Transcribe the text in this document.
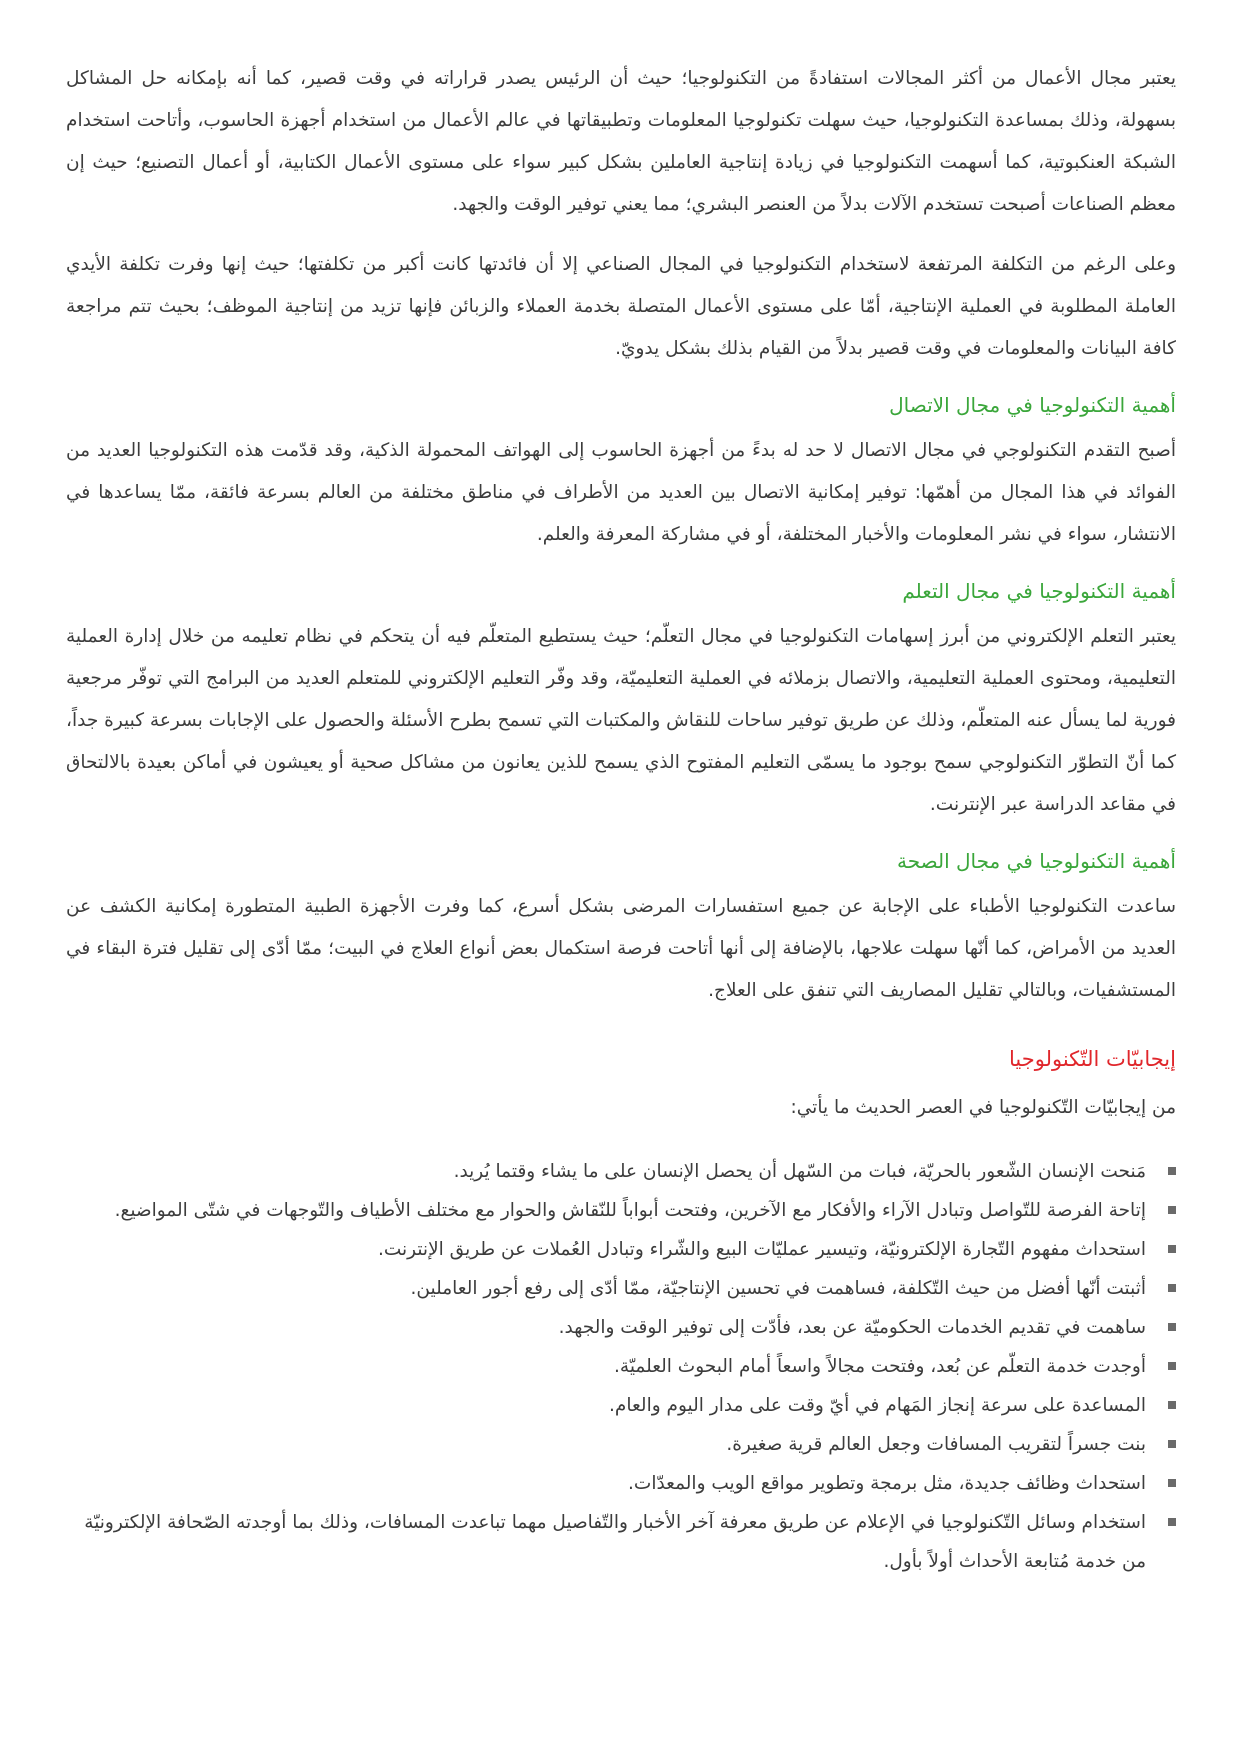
يعتبر مجال الأعمال من أكثر المجالات استفادةً من التكنولوجيا؛ حيث أن الرئيس يصدر قراراته في وقت قصير، كما أنه بإمكانه حل المشاكل بسهولة، وذلك بمساعدة التكنولوجيا، حيث سهلت تكنولوجيا المعلومات وتطبيقاتها في عالم الأعمال من استخدام أجهزة الحاسوب، وأتاحت استخدام الشبكة العنكبوتية، كما أسهمت التكنولوجيا في زيادة إنتاجية العاملين بشكل كبير سواء على مستوى الأعمال الكتابية، أو أعمال التصنيع؛ حيث إن معظم الصناعات أصبحت تستخدم الآلات بدلاً من العنصر البشري؛ مما يعني توفير الوقت والجهد.

وعلى الرغم من التكلفة المرتفعة لاستخدام التكنولوجيا في المجال الصناعي إلا أن فائدتها كانت أكبر من تكلفتها؛ حيث إنها وفرت تكلفة الأيدي العاملة المطلوبة في العملية الإنتاجية، أمّا على مستوى الأعمال المتصلة بخدمة العملاء والزبائن فإنها تزيد من إنتاجية الموظف؛ بحيث تتم مراجعة كافة البيانات والمعلومات في وقت قصير بدلاً من القيام بذلك بشكل يدويّ.

أهمية التكنولوجيا في مجال الاتصال

أصبح التقدم التكنولوجي في مجال الاتصال لا حد له بدءً من أجهزة الحاسوب إلى الهواتف المحمولة الذكية، وقد قدّمت هذه التكنولوجيا العديد من الفوائد في هذا المجال من أهمّها: توفير إمكانية الاتصال بين العديد من الأطراف في مناطق مختلفة من العالم بسرعة فائقة، ممّا يساعدها في الانتشار، سواء في نشر المعلومات والأخبار المختلفة، أو في مشاركة المعرفة والعلم.

أهمية التكنولوجيا في مجال التعلم

يعتبر التعلم الإلكتروني من أبرز إسهامات التكنولوجيا في مجال التعلّم؛ حيث يستطيع المتعلّم فيه أن يتحكم في نظام تعليمه من خلال إدارة العملية التعليمية، ومحتوى العملية التعليمية، والاتصال بزملائه في العملية التعليميّة، وقد وفّر التعليم الإلكتروني للمتعلم العديد من البرامج التي توفّر مرجعية فورية لما يسأل عنه المتعلّم، وذلك عن طريق توفير ساحات للنقاش والمكتبات التي تسمح بطرح الأسئلة والحصول على الإجابات بسرعة كبيرة جداً، كما أنّ التطوّر التكنولوجي سمح بوجود ما يسمّى التعليم المفتوح الذي يسمح للذين يعانون من مشاكل صحية أو يعيشون في أماكن بعيدة بالالتحاق في مقاعد الدراسة عبر الإنترنت.

أهمية التكنولوجيا في مجال الصحة

ساعدت التكنولوجيا الأطباء على الإجابة عن جميع استفسارات المرضى بشكل أسرع، كما وفرت الأجهزة الطبية المتطورة إمكانية الكشف عن العديد من الأمراض، كما أنّها سهلت علاجها، بالإضافة إلى أنها أتاحت فرصة استكمال بعض أنواع العلاج في البيت؛ ممّا أدّى إلى تقليل فترة البقاء في المستشفيات، وبالتالي تقليل المصاريف التي تنفق على العلاج.

إيجابيّات التّكنولوجيا

من إيجابيّات التّكنولوجيا في العصر الحديث ما يأتي:

مَنحت الإنسان الشّعور بالحريّة، فبات من السّهل أن يحصل الإنسان على ما يشاء وقتما يُريد.
إتاحة الفرصة للتّواصل وتبادل الآراء والأفكار مع الآخرين، وفتحت أبواباً للنّقاش والحوار مع مختلف الأطياف والتّوجهات في شتّى المواضيع.
استحداث مفهوم التّجارة الإلكترونيّة، وتيسير عمليّات البيع والشّراء وتبادل العُملات عن طريق الإنترنت.
أثبتت أنّها أفضل من حيث التّكلفة، فساهمت في تحسين الإنتاجيّة، ممّا أدّى إلى رفع أجور العاملين.
ساهمت في تقديم الخدمات الحكوميّة عن بعد، فأدّت إلى توفير الوقت والجهد.
أوجدت خدمة التعلّم عن بُعد، وفتحت مجالاً واسعاً أمام البحوث العلميّة.
المساعدة على سرعة إنجاز المَهام في أيّ وقت على مدار اليوم والعام.
بنت جسراً لتقريب المسافات وجعل العالم قرية صغيرة.
استحداث وظائف جديدة، مثل برمجة وتطوير مواقع الويب والمعدّات.
استخدام وسائل التّكنولوجيا في الإعلام عن طريق معرفة آخر الأخبار والتّفاصيل مهما تباعدت المسافات، وذلك بما أوجدته الصّحافة الإلكترونيّة من خدمة مُتابعة الأحداث أولاً بأول.
